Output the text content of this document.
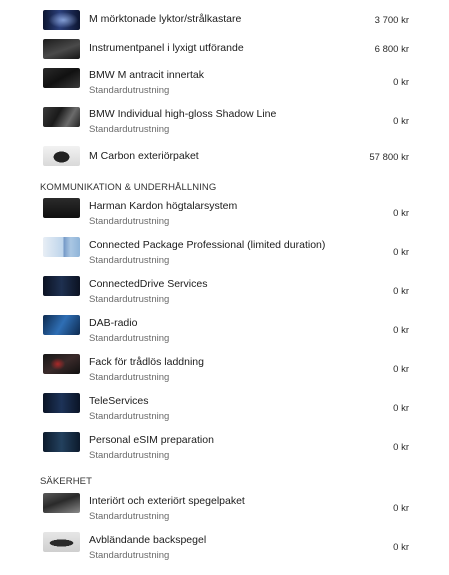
M mörktonade lyktor/strålkastare	3 700 kr
Instrumentpanel i lyxigt utförande	6 800 kr
BMW M antracit innertak
Standardutrustning
0 kr
BMW Individual high-gloss Shadow Line
Standardutrustning
0 kr
M Carbon exteriörpaket	57 800 kr
KOMMUNIKATION & UNDERHÅLLNING
Harman Kardon högtalarsystem
Standardutrustning
0 kr
Connected Package Professional (limited duration)
Standardutrustning
0 kr
ConnectedDrive Services
Standardutrustning
0 kr
DAB-radio
Standardutrustning
0 kr
Fack för trådlös laddning
Standardutrustning
0 kr
TeleServices
Standardutrustning
0 kr
Personal eSIM preparation
Standardutrustning
0 kr
SÄKERHET
Interiört och exteriört spegelpaket
Standardutrustning
0 kr
Avbländande backspegel
Standardutrustning
0 kr
